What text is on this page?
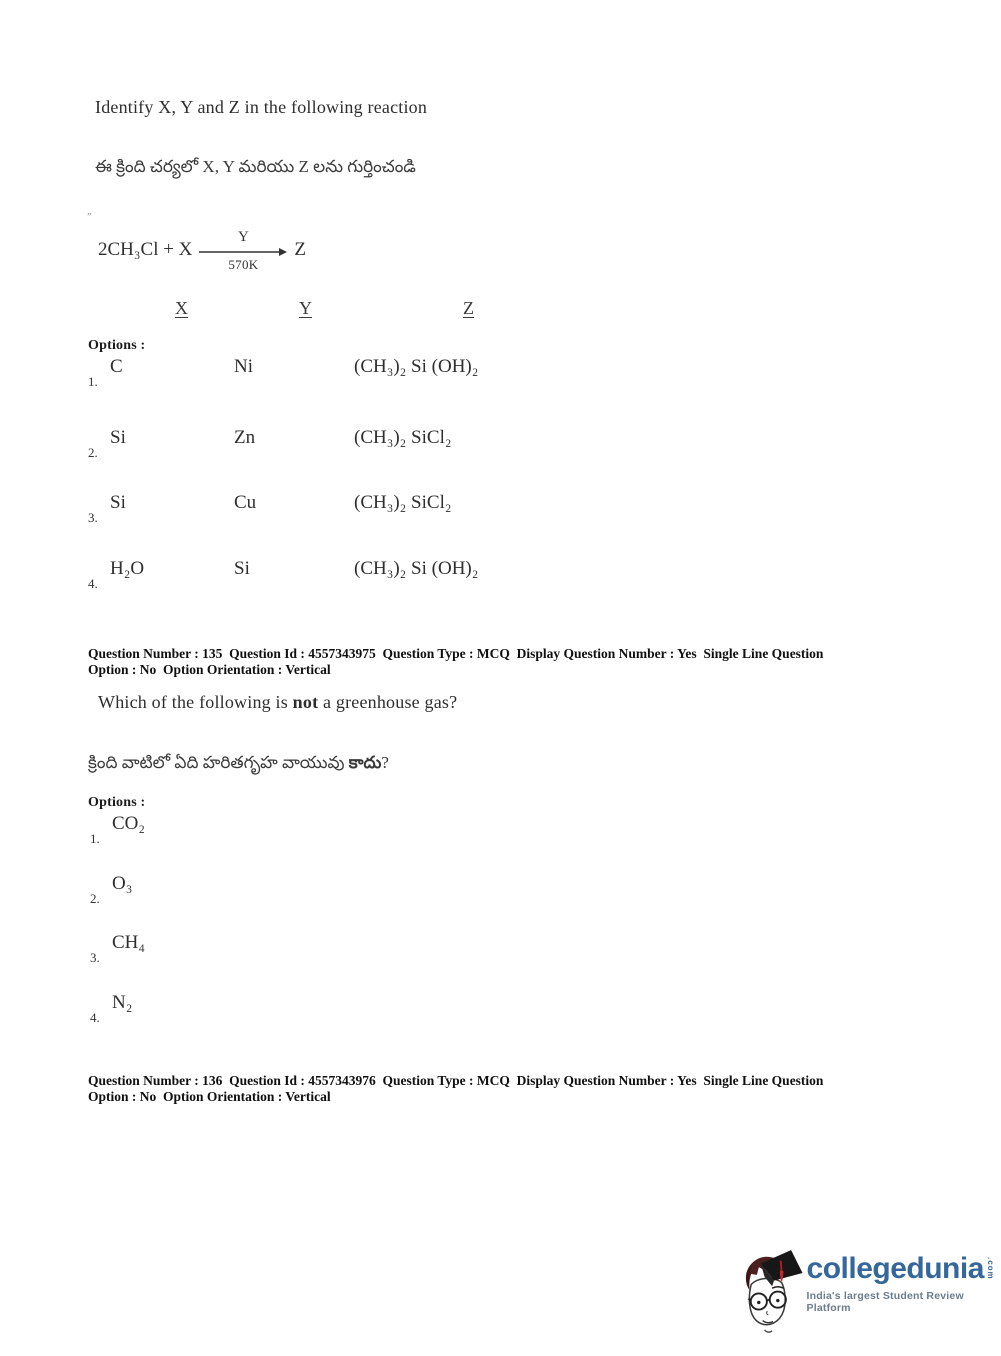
Identify X, Y and Z in the following reaction
ఈ క్రింది చర్యలో X, Y మరియు Z లను గుర్తించండి
”
2CH₃Cl + X
Y
570K
Z
X	Y	Z
Options :
1. C	Ni	(CH₃)₂ Si (OH)₂
2. Si	Zn	(CH₃)₂ SiCl₂
3. Si	Cu	(CH₃)₂ SiCl₂
4. H₂O	Si	(CH₃)₂ Si (OH)₂
Question Number : 135  Question Id : 4557343975  Question Type : MCQ  Display Question Number : Yes  Single Line Question
Option : No  Option Orientation : Vertical
Which of the following is not a greenhouse gas?
క్రింది వాటిలో ఏది హరితగృహ వాయువు కాదు?
Options :
1. CO₂
2. O₃
3. CH₄
4. N₂
Question Number : 136  Question Id : 4557343976  Question Type : MCQ  Display Question Number : Yes  Single Line Question
Option : No  Option Orientation : Vertical
collegedunia .com
India's largest Student Review Platform
